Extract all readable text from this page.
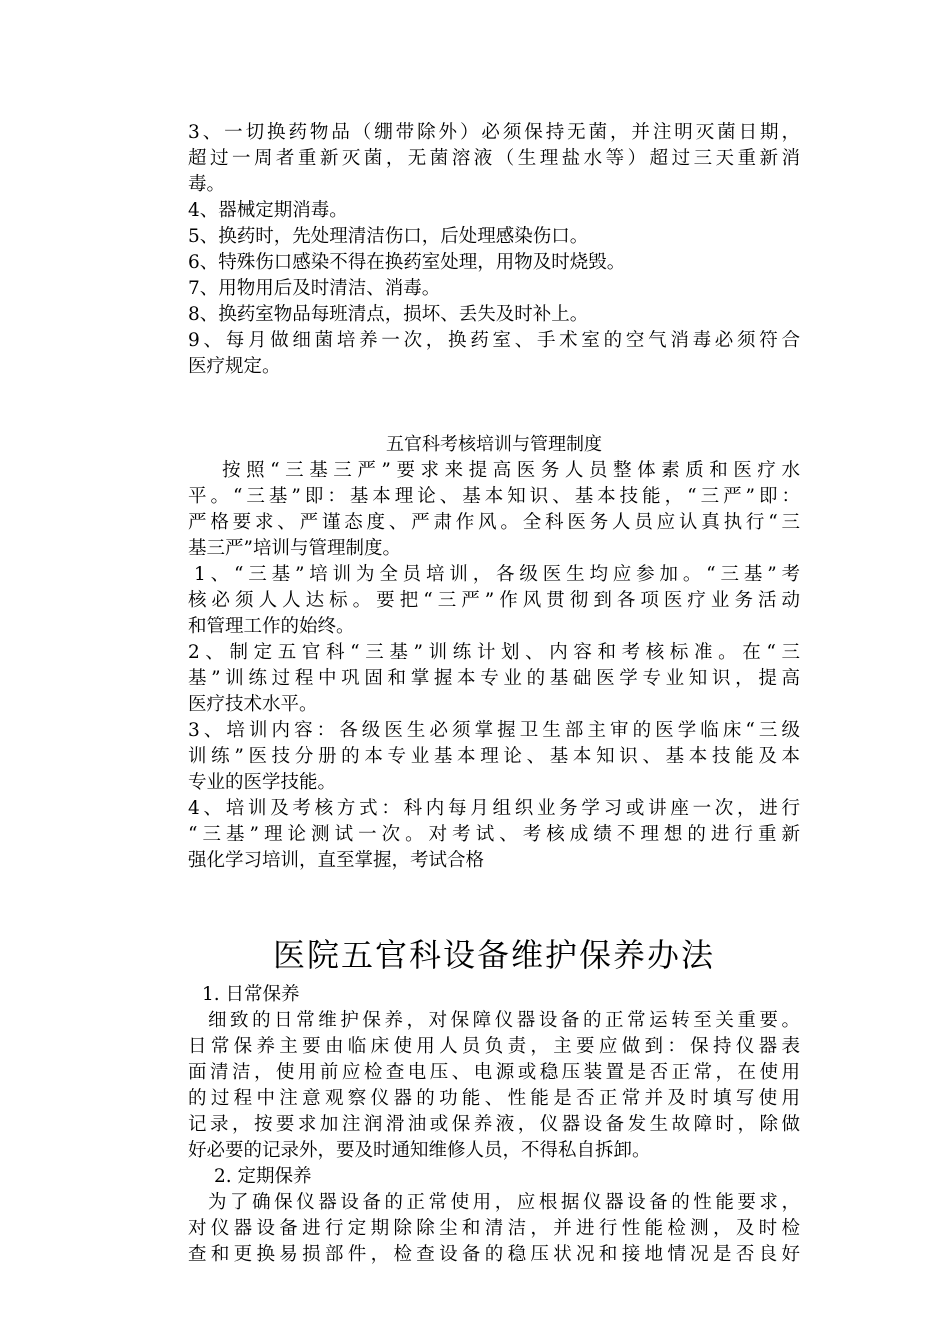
3、一切换药物品（绷带除外）必须保持无菌，并注明灭菌日期，
超过一周者重新灭菌，无菌溶液（生理盐水等）超过三天重新消
毒。
4、器械定期消毒。
5、换药时，先处理清洁伤口，后处理感染伤口。
6、特殊伤口感染不得在换药室处理，用物及时烧毁。
7、用物用后及时清洁、消毒。
8、换药室物品每班清点，损坏、丢失及时补上。
9、每月做细菌培养一次，换药室、手术室的空气消毒必须符合
医疗规定。
五官科考核培训与管理制度
按照“三基三严”要求来提高医务人员整体素质和医疗水
平。“三基”即：基本理论、基本知识、基本技能，“三严”即：
严格要求、严谨态度、严肃作风。全科医务人员应认真执行“三
基三严”培训与管理制度。
1、“三基”培训为全员培训，各级医生均应参加。“三基”考
核必须人人达标。要把“三严”作风贯彻到各项医疗业务活动
和管理工作的始终。
2、制定五官科“三基”训练计划、内容和考核标准。在“三
基”训练过程中巩固和掌握本专业的基础医学专业知识，提高
医疗技术水平。
3、培训内容：各级医生必须掌握卫生部主审的医学临床“三级
训练”医技分册的本专业基本理论、基本知识、基本技能及本
专业的医学技能。
4、培训及考核方式：科内每月组织业务学习或讲座一次，进行
“三基”理论测试一次。对考试、考核成绩不理想的进行重新
强化学习培训，直至掌握，考试合格
医院五官科设备维护保养办法
1. 日常保养
细致的日常维护保养，对保障仪器设备的正常运转至关重要。
日常保养主要由临床使用人员负责，主要应做到：保持仪器表
面清洁，使用前应检查电压、电源或稳压装置是否正常，在使用
的过程中注意观察仪器的功能、性能是否正常并及时填写使用
记录，按要求加注润滑油或保养液，仪器设备发生故障时，除做
好必要的记录外，要及时通知维修人员，不得私自拆卸。
2. 定期保养
为了确保仪器设备的正常使用，应根据仪器设备的性能要求，
对仪器设备进行定期除除尘和清洁，并进行性能检测，及时检
查和更换易损部件，检查设备的稳压状况和接地情况是否良好
